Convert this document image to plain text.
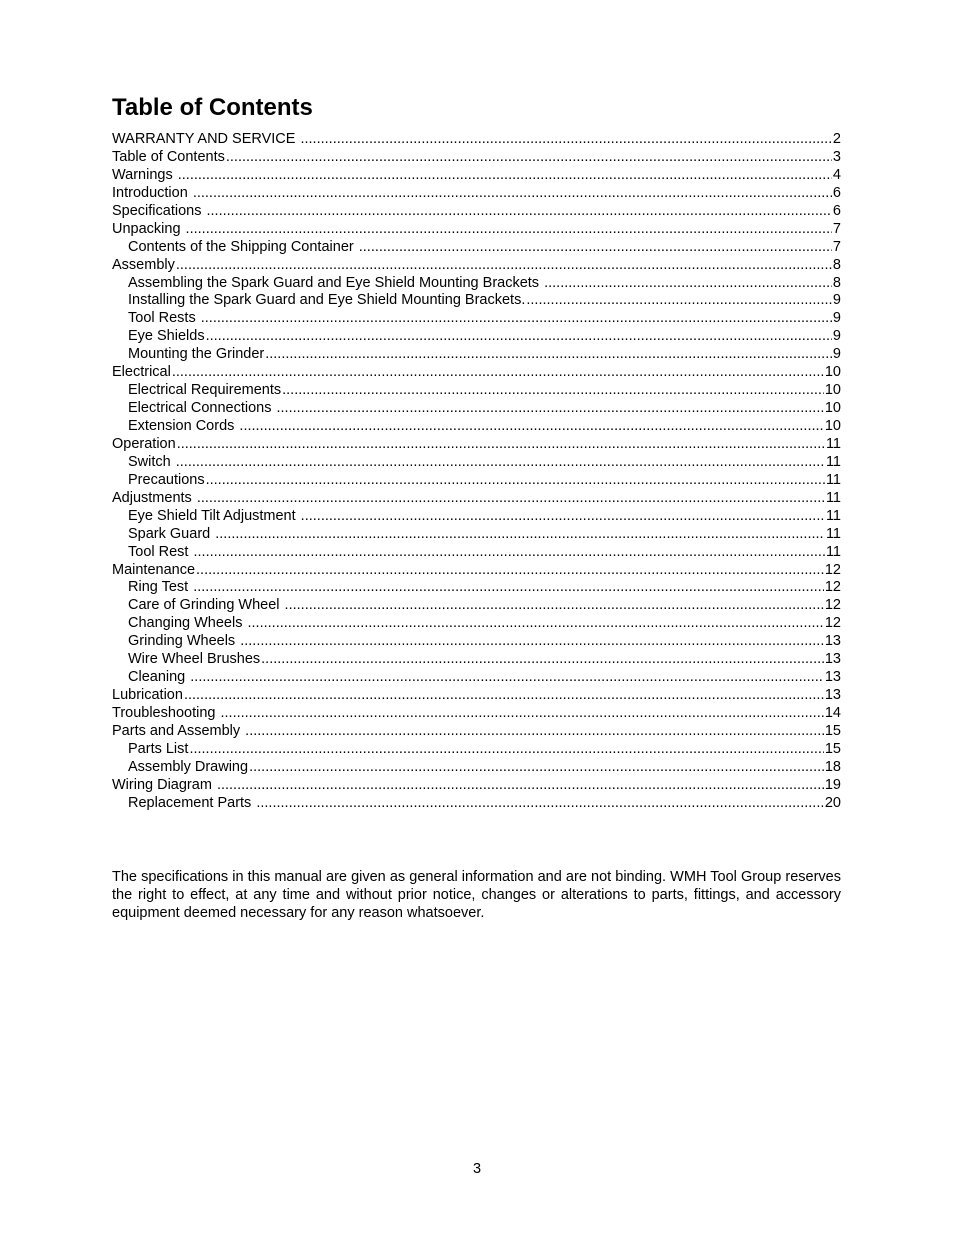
Table of Contents
WARRANTY AND SERVICE .....	2
Table of Contents .....	3
Warnings .....	4
Introduction .....	6
Specifications .....	6
Unpacking .....	7
Contents of the Shipping Container .....	7
Assembly .....	8
Assembling the Spark Guard and Eye Shield Mounting Brackets .....	8
Installing the Spark Guard and Eye Shield Mounting Brackets. .....	9
Tool Rests .....	9
Eye Shields .....	9
Mounting the Grinder .....	9
Electrical .....	10
Electrical Requirements .....	10
Electrical Connections .....	10
Extension Cords .....	10
Operation .....	11
Switch .....	11
Precautions .....	11
Adjustments .....	11
Eye Shield Tilt Adjustment .....	11
Spark Guard .....	11
Tool Rest .....	11
Maintenance .....	12
Ring Test .....	12
Care of Grinding Wheel .....	12
Changing Wheels .....	12
Grinding Wheels .....	13
Wire Wheel Brushes .....	13
Cleaning .....	13
Lubrication .....	13
Troubleshooting .....	14
Parts and Assembly .....	15
Parts List .....	15
Assembly Drawing .....	18
Wiring Diagram .....	19
Replacement Parts .....	20

The specifications in this manual are given as general information and are not binding. WMH Tool Group reserves the right to effect, at any time and without prior notice, changes or alterations to parts, fittings, and accessory equipment deemed necessary for any reason whatsoever.

3
